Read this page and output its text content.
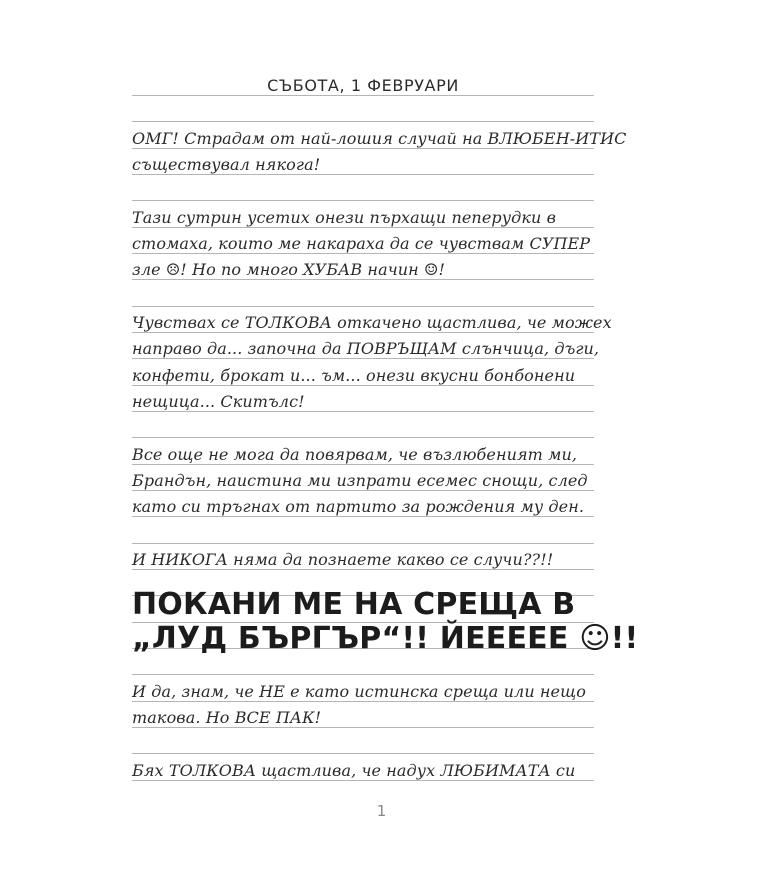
СЪБОТА, 1 ФЕВРУАРИ
ОМГ! Страдам от най-лошия случай на ВЛЮБЕН-ИТИС
съществувал някога!
Тази сутрин усетих онези пърхащи пеперудки в
стомаха, които ме накараха да се чувствам СУПЕР
зле ☹! Но по много ХУБАВ начин ☺!
Чувствах се ТОЛКОВА откачено щастлива, че можех
направо да... започна да ПОВРЪЩАМ слънчица, дъги,
конфети, брокат и... ъм... онези вкусни бонбонени
нещица... Скитълс!
Все още не мога да повярвам, че възлюбеният ми,
Брандън, наистина ми изпрати есемес снощи, след
като си тръгнах от партито за рождения му ден.
И НИКОГА няма да познаете какво се случи??!!
ПОКАНИ МЕ НА СРЕЩА В
„ЛУД БЪРГЪР“!! ЙЕЕЕЕЕ ☺!!
И да, знам, че НЕ е като истинска среща или нещо
такова. Но ВСЕ ПАК!
Бях ТОЛКОВА щастлива, че надух ЛЮБИМАТА си
1
